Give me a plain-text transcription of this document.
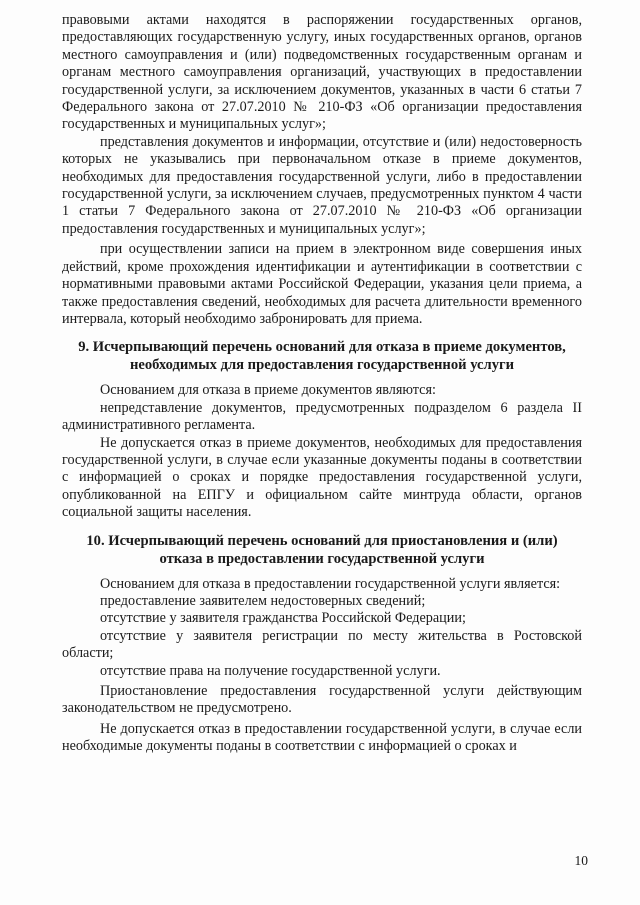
правовыми актами находятся в распоряжении государственных органов, предоставляющих государственную услугу, иных государственных органов, органов местного самоуправления и (или) подведомственных государственным органам и органам местного самоуправления организаций, участвующих в предоставлении государственной услуги, за исключением документов, указанных в части 6 статьи 7 Федерального закона от 27.07.2010 № 210-ФЗ «Об организации предоставления государственных и муниципальных услуг»;

представления документов и информации, отсутствие и (или) недостоверность которых не указывались при первоначальном отказе в приеме документов, необходимых для предоставления государственной услуги, либо в предоставлении государственной услуги, за исключением случаев, предусмотренных пунктом 4 части 1 статьи 7 Федерального закона от 27.07.2010 № 210-ФЗ «Об организации предоставления государственных и муниципальных услуг»;

при осуществлении записи на прием в электронном виде совершения иных действий, кроме прохождения идентификации и аутентификации в соответствии с нормативными правовыми актами Российской Федерации, указания цели приема, а также предоставления сведений, необходимых для расчета длительности временного интервала, который необходимо забронировать для приема.

9. Исчерпывающий перечень оснований для отказа в приеме документов, необходимых для предоставления государственной услуги

Основанием для отказа в приеме документов являются:

непредставление документов, предусмотренных подразделом 6 раздела II административного регламента.

Не допускается отказ в приеме документов, необходимых для предоставления государственной услуги, в случае если указанные документы поданы в соответствии с информацией о сроках и порядке предоставления государственной услуги, опубликованной на ЕПГУ и официальном сайте минтруда области, органов социальной защиты населения.

10. Исчерпывающий перечень оснований для приостановления и (или) отказа в предоставлении государственной услуги

Основанием для отказа в предоставлении государственной услуги является:

предоставление заявителем недостоверных сведений;

отсутствие у заявителя гражданства Российской Федерации;

отсутствие у заявителя регистрации по месту жительства в Ростовской области;

отсутствие права на получение государственной услуги.

Приостановление предоставления государственной услуги действующим законодательством не предусмотрено.

Не допускается отказ в предоставлении государственной услуги, в случае если необходимые документы поданы в соответствии с информацией о сроках и

10
